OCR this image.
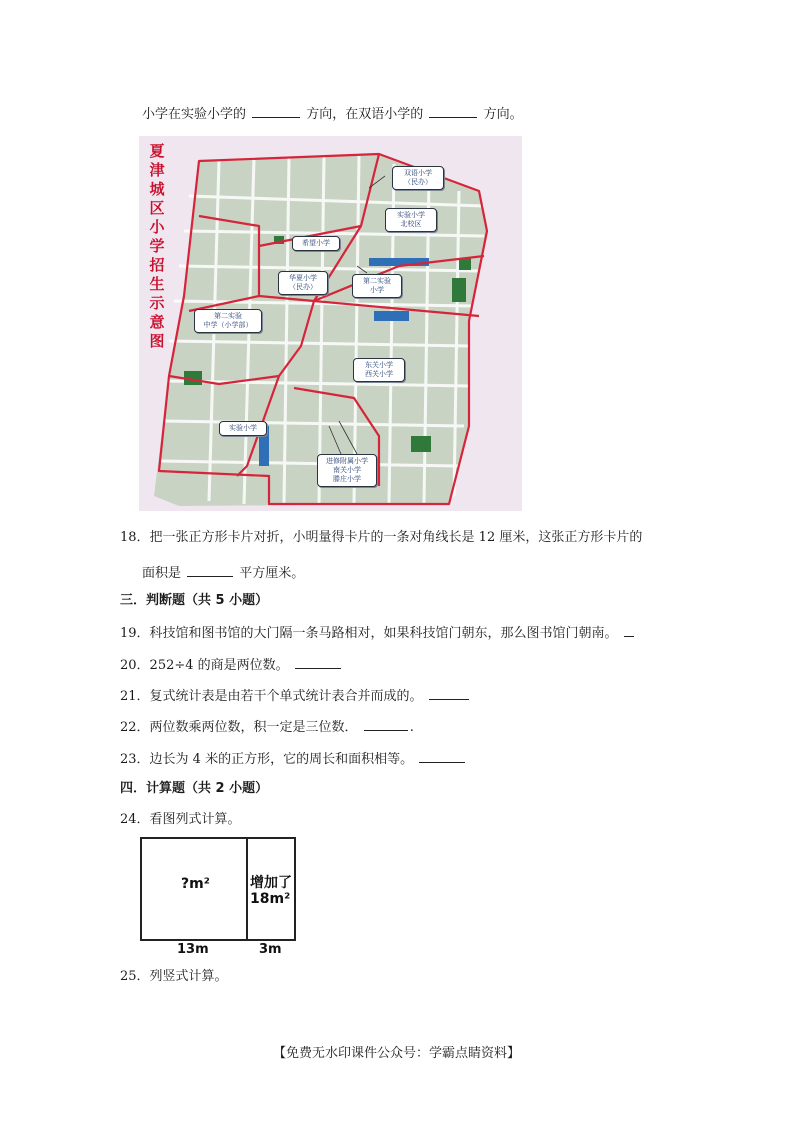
小学在实验小学的	方向，在双语小学的	方向。
夏津城区小学招生示意图
双语小学
（民办）
实验小学
北校区
希望小学
华夏小学
（民办）
第二实验
小学
第二实验
中学（小学部）
东关小学
西关小学
实验小学
进修附属小学
南关小学
滕庄小学
18．把一张正方形卡片对折，小明量得卡片的一条对角线长是 12 厘米，这张正方形卡片的
面积是	平方厘米。
三．判断题（共 5 小题）
19．科技馆和图书馆的大门隔一条马路相对，如果科技馆门朝东，那么图书馆门朝南。
20．252÷4 的商是两位数。
21．复式统计表是由若干个单式统计表合并而成的。
22．两位数乘两位数，积一定是三位数．	.
23．边长为 4 米的正方形，它的周长和面积相等。
四．计算题（共 2 小题）
24．看图列式计算。
?m²	增加了
18m²
13m	3m
25．列竖式计算。
【免费无水印课件公众号：学霸点睛资料】
